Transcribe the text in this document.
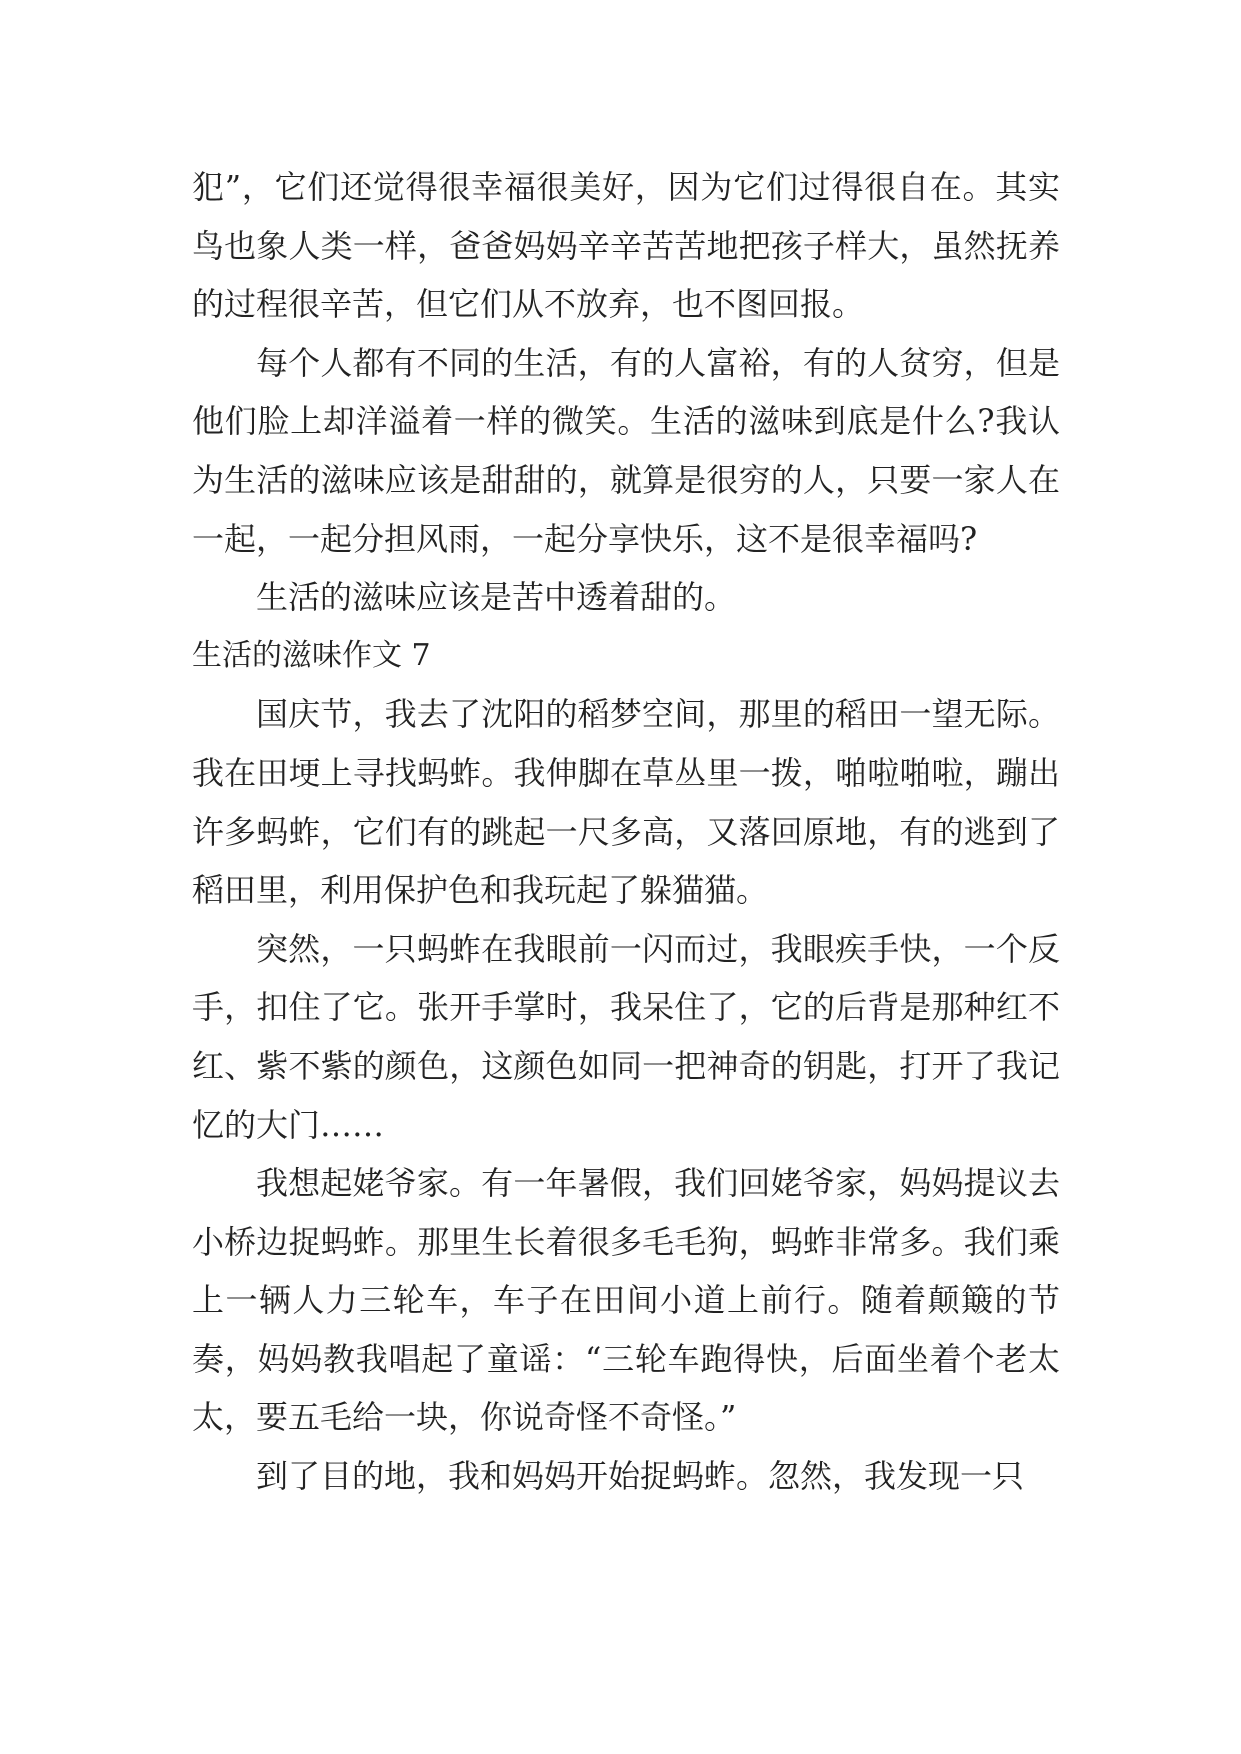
犯”，它们还觉得很幸福很美好，因为它们过得很自在。其实鸟也象人类一样，爸爸妈妈辛辛苦苦地把孩子样大，虽然抚养的过程很辛苦，但它们从不放弃，也不图回报。

每个人都有不同的生活，有的人富裕，有的人贫穷，但是他们脸上却洋溢着一样的微笑。生活的滋味到底是什么?我认为生活的滋味应该是甜甜的，就算是很穷的人，只要一家人在一起，一起分担风雨，一起分享快乐，这不是很幸福吗?

生活的滋味应该是苦中透着甜的。

生活的滋味作文 7

国庆节，我去了沈阳的稻梦空间，那里的稻田一望无际。我在田埂上寻找蚂蚱。我伸脚在草丛里一拨，啪啦啪啦，蹦出许多蚂蚱，它们有的跳起一尺多高，又落回原地，有的逃到了稻田里，利用保护色和我玩起了躲猫猫。

突然，一只蚂蚱在我眼前一闪而过，我眼疾手快，一个反手，扣住了它。张开手掌时，我呆住了，它的后背是那种红不红、紫不紫的颜色，这颜色如同一把神奇的钥匙，打开了我记忆的大门……

我想起姥爷家。有一年暑假，我们回姥爷家，妈妈提议去小桥边捉蚂蚱。那里生长着很多毛毛狗，蚂蚱非常多。我们乘上一辆人力三轮车，车子在田间小道上前行。随着颠簸的节奏，妈妈教我唱起了童谣：“三轮车跑得快，后面坐着个老太太，要五毛给一块，你说奇怪不奇怪。”

到了目的地，我和妈妈开始捉蚂蚱。忽然，我发现一只
